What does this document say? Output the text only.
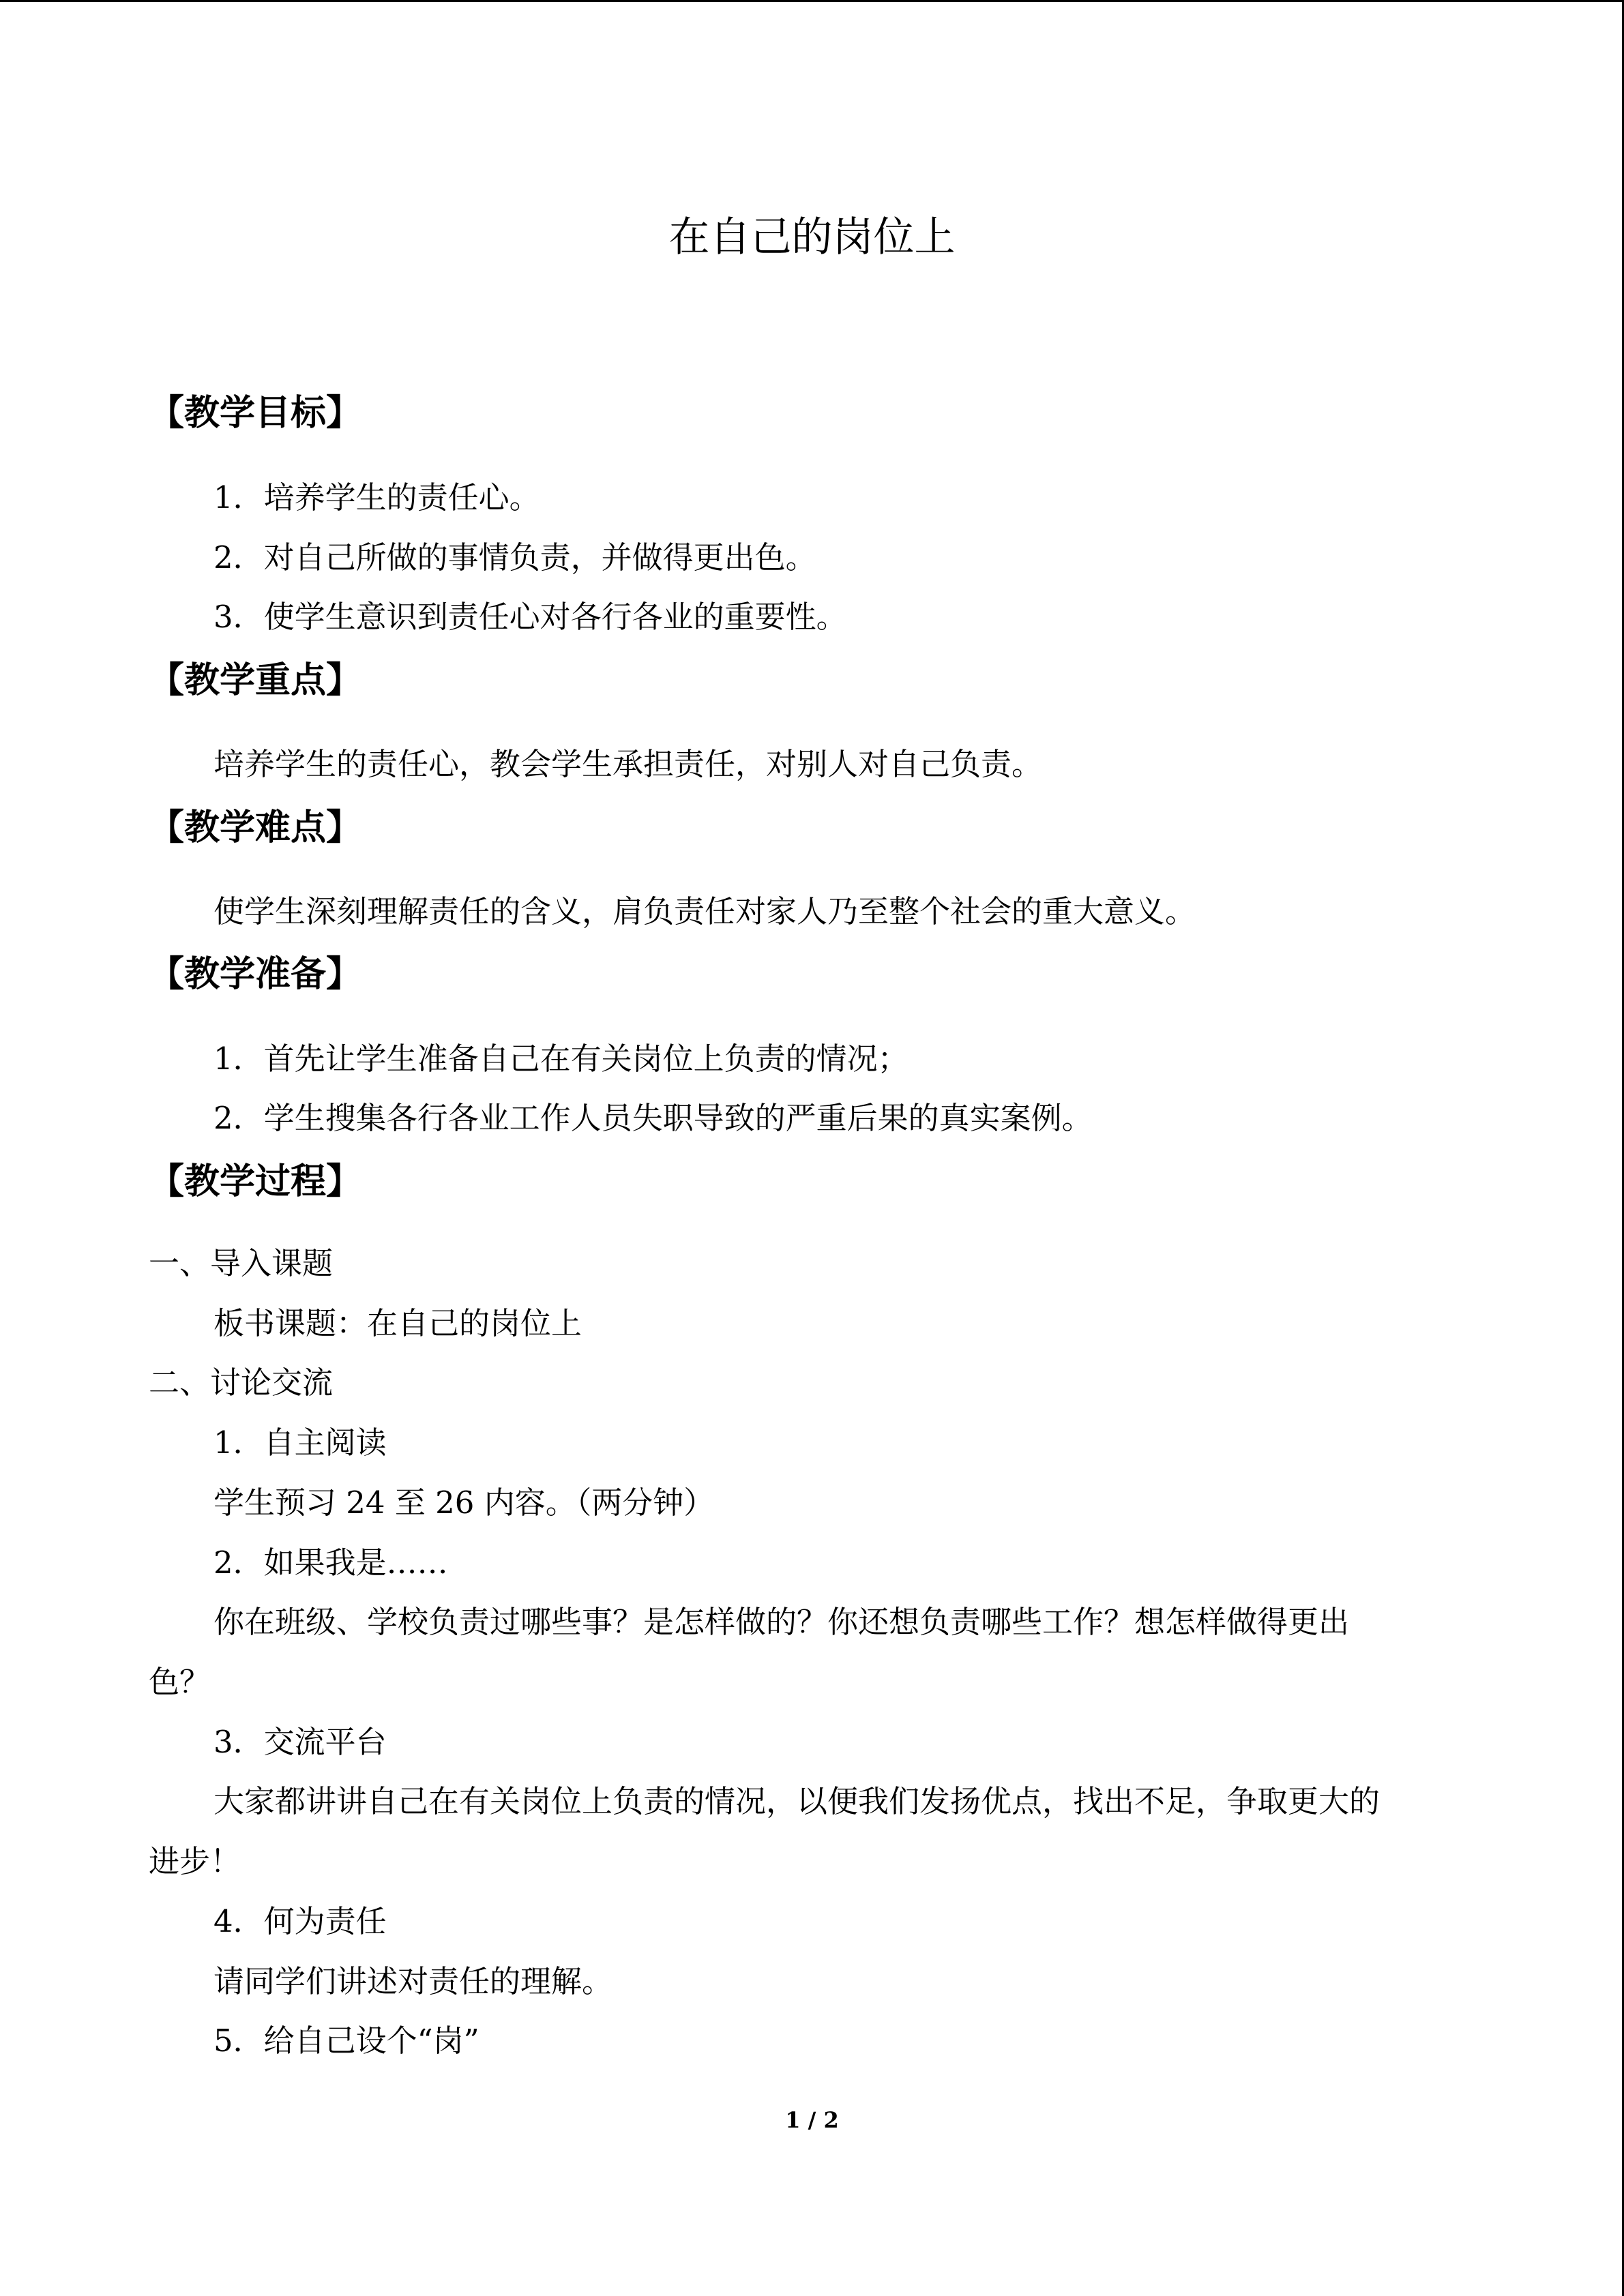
在自己的岗位上
【教学目标】
1．培养学生的责任心。
2．对自己所做的事情负责，并做得更出色。
3．使学生意识到责任心对各行各业的重要性。
【教学重点】
培养学生的责任心，教会学生承担责任，对别人对自己负责。
【教学难点】
使学生深刻理解责任的含义，肩负责任对家人乃至整个社会的重大意义。
【教学准备】
1．首先让学生准备自己在有关岗位上负责的情况；
2．学生搜集各行各业工作人员失职导致的严重后果的真实案例。
【教学过程】
一、导入课题
板书课题：在自己的岗位上
二、讨论交流
1．自主阅读
学生预习 24 至 26 内容。（两分钟）
2．如果我是……
你在班级、学校负责过哪些事？是怎样做的？你还想负责哪些工作？想怎样做得更出
色？
3．交流平台
大家都讲讲自己在有关岗位上负责的情况，以便我们发扬优点，找出不足，争取更大的
进步！
4．何为责任
请同学们讲述对责任的理解。
5．给自己设个“岗”
1 / 2
